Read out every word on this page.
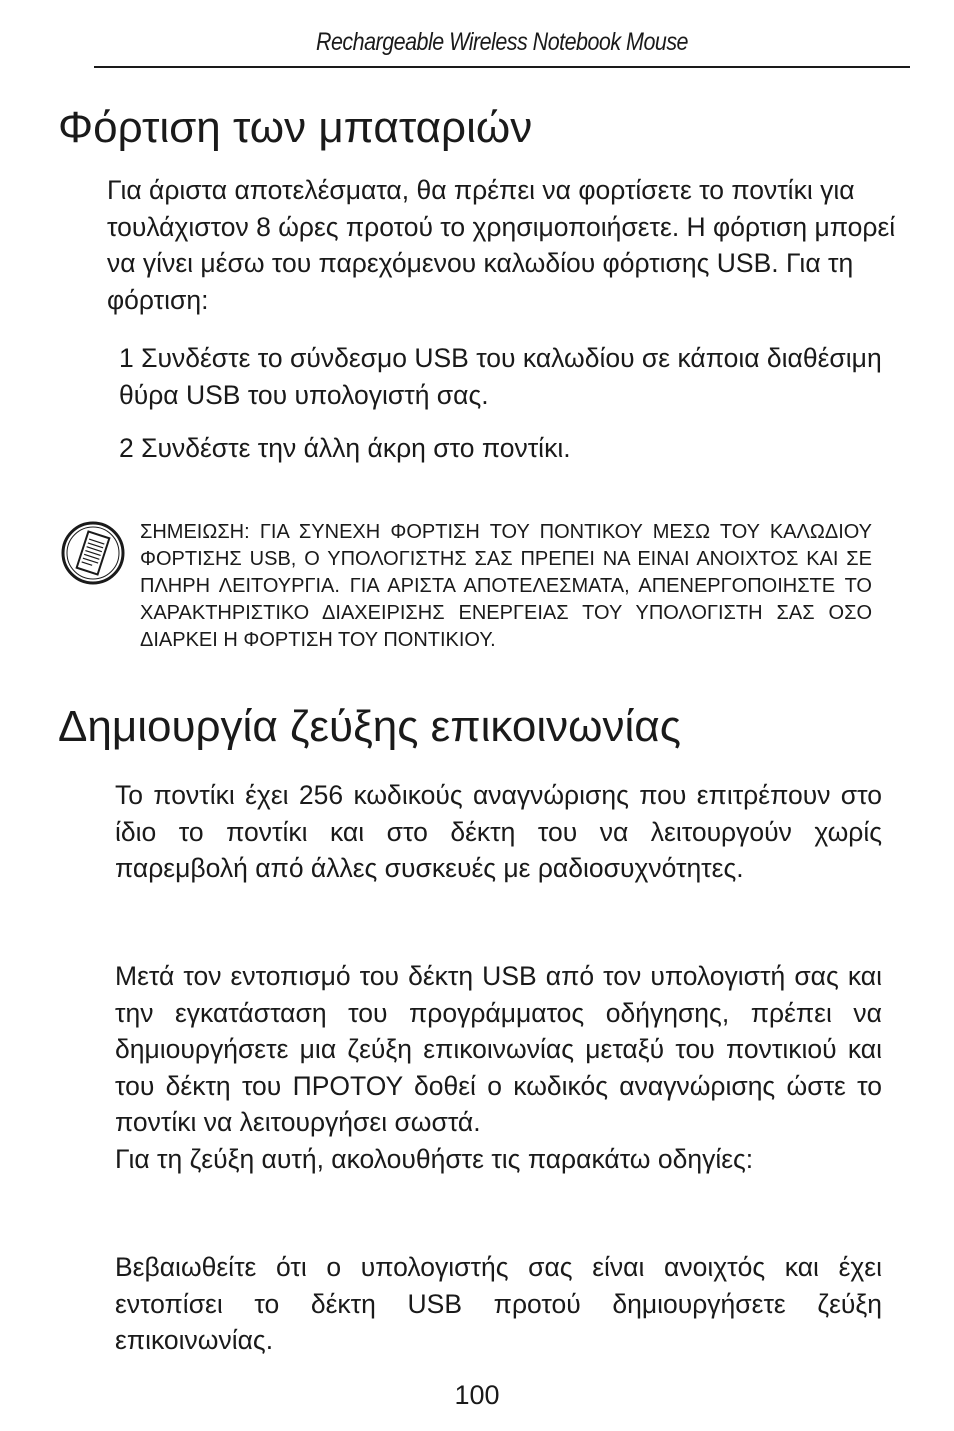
Rechargeable Wireless Notebook Mouse
Φόρτιση των μπαταριών

Για άριστα αποτελέσματα, θα πρέπει να φορτίσετε το ποντίκι για τουλάχιστον 8 ώρες προτού το χρησιμοποιήσετε. Η φόρτιση μπορεί να γίνει μέσω του παρεχόμενου καλωδίου φόρτισης USB. Για τη φόρτιση:

1 Συνδέστε το σύνδεσμο USB του καλωδίου σε κάποια διαθέσιμη θύρα USB του υπολογιστή σας.

2 Συνδέστε την άλλη άκρη στο ποντίκι.

ΣΗΜΕΙΩΣΗ: ΓΙΑ ΣΥΝΕΧΗ ΦΟΡΤΙΣΗ ΤΟΥ ΠΟΝΤΙΚΟΥ ΜΕΣΩ ΤΟΥ ΚΑΛΩΔΙΟΥ ΦΟΡΤΙΣΗΣ USB, Ο ΥΠΟΛΟΓΙΣΤΗΣ ΣΑΣ ΠΡΕΠΕΙ ΝΑ ΕΙΝΑΙ ΑΝΟΙΧΤΟΣ ΚΑΙ ΣΕ ΠΛΗΡΗ ΛΕΙΤΟΥΡΓΙΑ. ΓΙΑ ΑΡΙΣΤΑ ΑΠΟΤΕΛΕΣΜΑΤΑ, ΑΠΕΝΕΡΓΟΠΟΙΗΣΤΕ ΤΟ ΧΑΡΑΚΤΗΡΙΣΤΙΚΟ ΔΙΑΧΕΙΡΙΣΗΣ ΕΝΕΡΓΕΙΑΣ ΤΟΥ ΥΠΟΛΟΓΙΣΤΗ ΣΑΣ ΟΣΟ ΔΙΑΡΚΕΙ Η ΦΟΡΤΙΣΗ ΤΟΥ ΠΟΝΤΙΚΙΟΥ.

Δημιουργία ζεύξης επικοινωνίας

Το ποντίκι έχει 256 κωδικούς αναγνώρισης που επιτρέπουν στο ίδιο το ποντίκι και στο δέκτη του να λειτουργούν χωρίς παρεμβολή από άλλες συσκευές με ραδιοσυχνότητες.

Μετά τον εντοπισμό του δέκτη USB από τον υπολογιστή σας και την εγκατάσταση του προγράμματος οδήγησης, πρέπει να δημιουργήσετε μια ζεύξη επικοινωνίας μεταξύ του ποντικιού και του δέκτη του ΠΡΟΤΟΥ δοθεί ο κωδικός αναγνώρισης ώστε το ποντίκι να λειτουργήσει σωστά.
Για τη ζεύξη αυτή, ακολουθήστε τις παρακάτω οδηγίες:

Βεβαιωθείτε ότι ο υπολογιστής σας είναι ανοιχτός και έχει εντοπίσει το δέκτη USB προτού δημιουργήσετε ζεύξη επικοινωνίας.

100
